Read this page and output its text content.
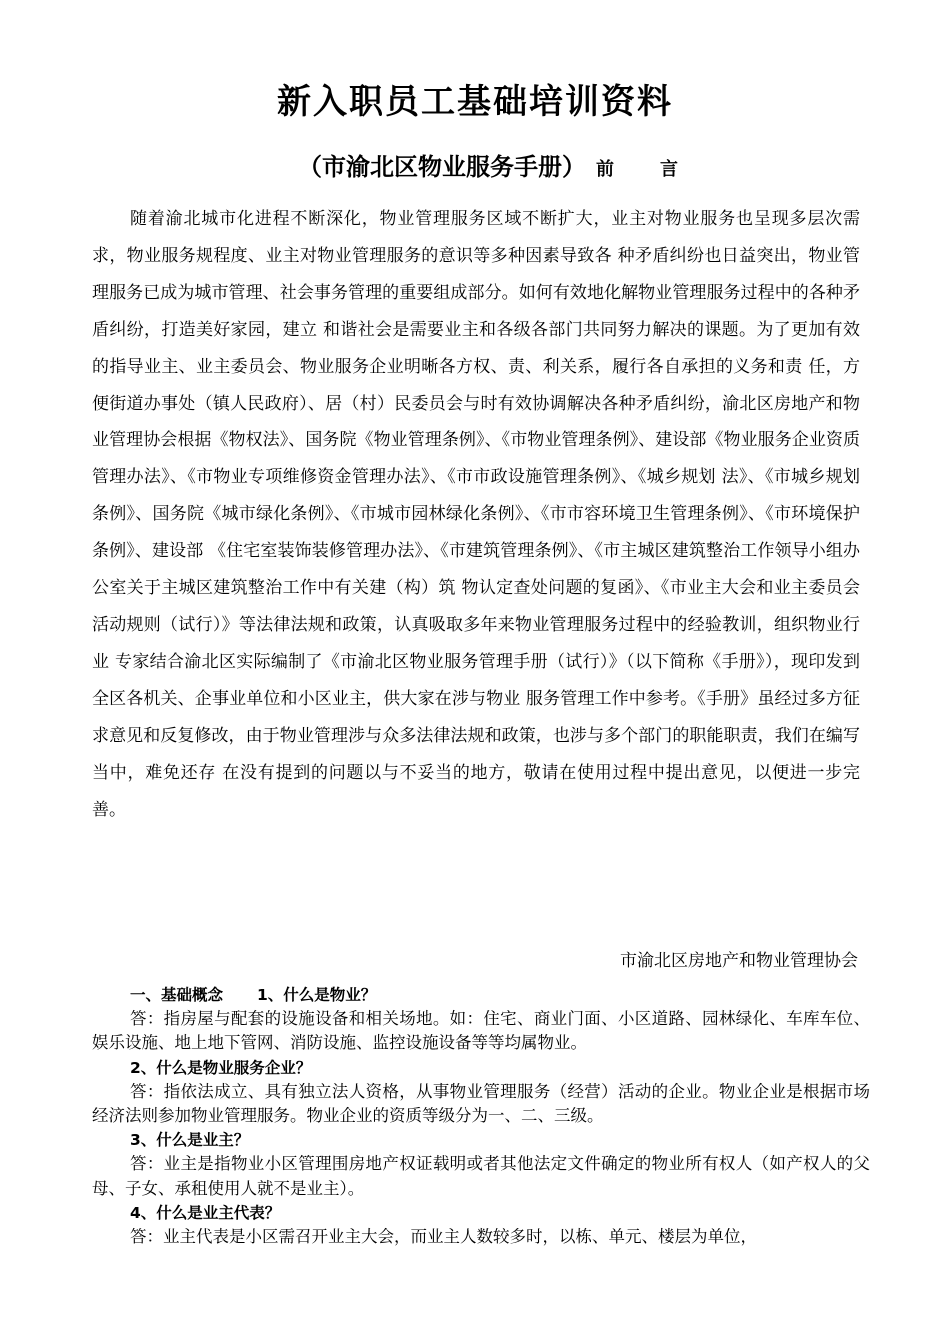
新入职员工基础培训资料
（市渝北区物业服务手册） 前　言

随着渝北城市化进程不断深化，物业管理服务区域不断扩大，业主对物业服务也呈现多层次需求，物业服务规程度、业主对物业管理服务的意识等多种因素导致各 种矛盾纠纷也日益突出，物业管理服务已成为城市管理、社会事务管理的重要组成部分。如何有效地化解物业管理服务过程中的各种矛盾纠纷，打造美好家园，建立 和谐社会是需要业主和各级各部门共同努力解决的课题。为了更加有效的指导业主、业主委员会、物业服务企业明晰各方权、责、利关系，履行各自承担的义务和责 任，方便街道办事处（镇人民政府）、居（村）民委员会与时有效协调解决各种矛盾纠纷，渝北区房地产和物业管理协会根据《物权法》、国务院《物业管理条例》、《市物业管理条例》、建设部《物业服务企业资质管理办法》、《市物业专项维修资金管理办法》、《市市政设施管理条例》、《城乡规划 法》、《市城乡规划条例》、国务院《城市绿化条例》、《市城市园林绿化条例》、《市市容环境卫生管理条例》、《市环境保护条例》、建设部 《住宅室装饰装修管理办法》、《市建筑管理条例》、《市主城区建筑整治工作领导小组办公室关于主城区建筑整治工作中有关建（构）筑 物认定查处问题的复函》、《市业主大会和业主委员会活动规则（试行）》等法律法规和政策，认真吸取多年来物业管理服务过程中的经验教训，组织物业行业 专家结合渝北区实际编制了《市渝北区物业服务管理手册（试行）》（以下简称《手册》），现印发到全区各机关、企事业单位和小区业主，供大家在涉与物业 服务管理工作中参考。《手册》虽经过多方征求意见和反复修改，由于物业管理涉与众多法律法规和政策，也涉与多个部门的职能职责，我们在编写当中，难免还存 在没有提到的问题以与不妥当的地方，敬请在使用过程中提出意见，以便进一步完善。

市渝北区房地产和物业管理协会

一、基础概念 1、什么是物业？

答：指房屋与配套的设施设备和相关场地。如：住宅、商业门面、小区道路、园林绿化、车库车位、娱乐设施、地上地下管网、消防设施、监控设施设备等等均属物业。

2、什么是物业服务企业？

答：指依法成立、具有独立法人资格，从事物业管理服务（经营）活动的企业。物业企业是根据市场经济法则参加物业管理服务。物业企业的资质等级分为一、二、三级。

3、什么是业主？

答：业主是指物业小区管理围房地产权证载明或者其他法定文件确定的物业所有权人（如产权人的父母、子女、承租使用人就不是业主）。

4、什么是业主代表？

答：业主代表是小区需召开业主大会，而业主人数较多时，以栋、单元、楼层为单位，
